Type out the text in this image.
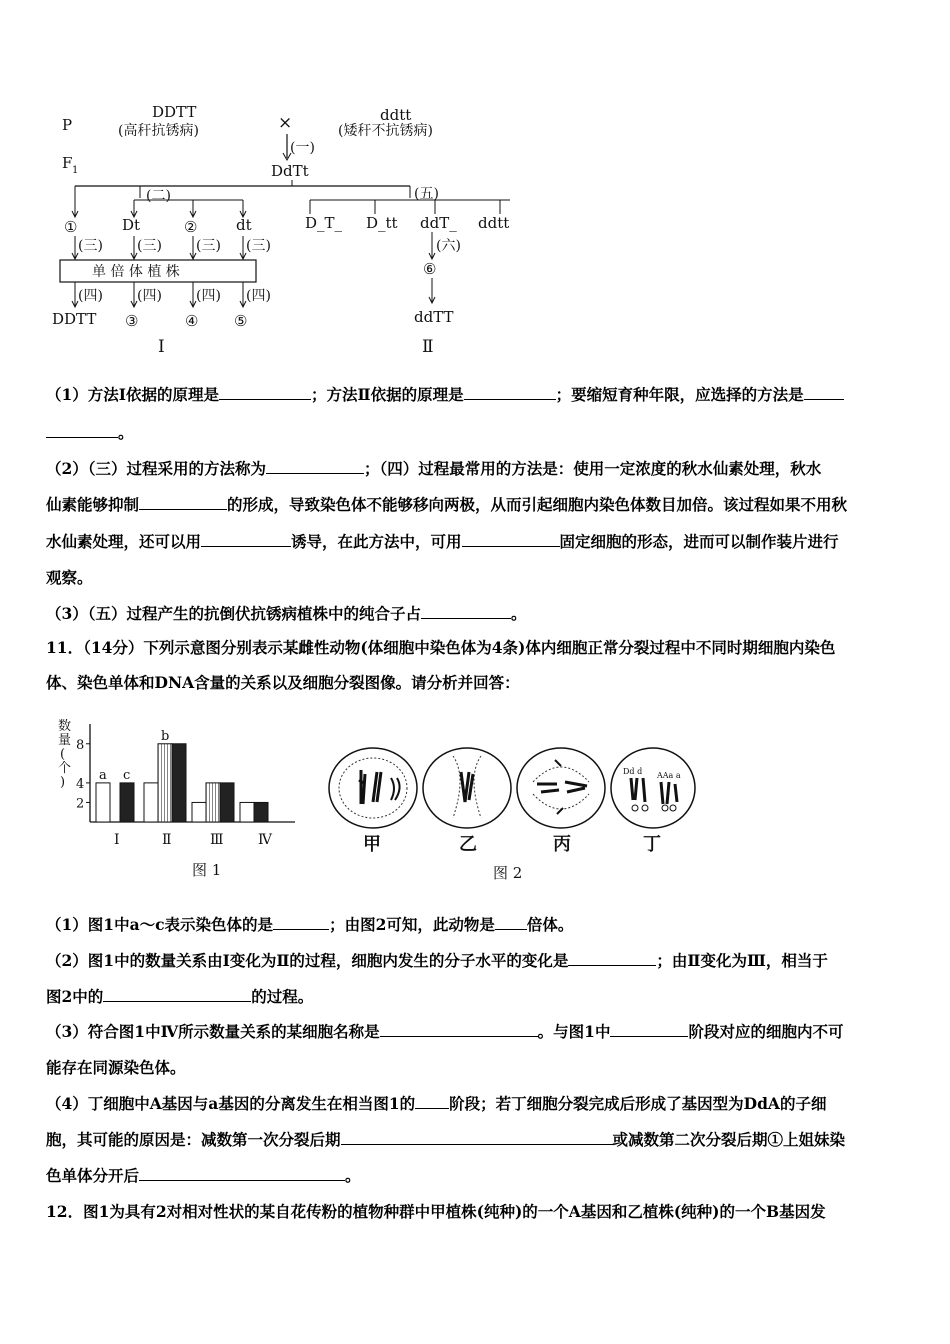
P
F 1
DDTT
(高秆抗锈病)	×	ddtt
(矮秆不抗锈病)
(一)
DdTt
(二)	(五)
①	Dt	②	dt	D_T_ D_tt ddT_ ddtt
(三) (三) (三) (三)
单 倍 体 植 株
(四) (四) (四) (四)
DDTT ③	④ ⑤
(六)
⑥
ddTT
Ⅰ	Ⅱ
（1）方法Ⅰ依据的原理是	；方法Ⅱ依据的原理是	；要缩短育种年限，应选择的方法是
。
（2）（三）过程采用的方法称为	；（四）过程最常用的方法是：使用一定浓度的秋水仙素处理，秋水
仙素能够抑制	的形成，导致染色体不能够移向两极，从而引起细胞内染色体数目加倍。该过程如果不用秋
水仙素处理，还可以用	诱导，在此方法中，可用	固定细胞的形态，进而可以制作装片进行
观察。
（3）（五）过程产生的抗倒伏抗锈病植株中的纯合子占	。
11．（14分）下列示意图分别表示某雌性动物(体细胞中染色体为4条)体内细胞正常分裂过程中不同时期细胞内染色
体、染色单体和DNA含量的关系以及细胞分裂图像。请分析并回答：
数量(个)
2
4
8
a c
Ⅰ
b
Ⅱ	Ⅲ Ⅳ
图 1
Dd d AAa a
甲	乙	丙	丁
图 2
（1）图1中a～c表示染色体的是	；由图2可知，此动物是 倍体。
（2）图1中的数量关系由Ⅰ变化为Ⅱ的过程，细胞内发生的分子水平的变化是	；由Ⅱ变化为Ⅲ，相当于
图2中的	的过程。
（3）符合图1中Ⅳ所示数量关系的某细胞名称是	。与图1中	阶段对应的细胞内不可
能存在同源染色体。
（4）丁细胞中A基因与a基因的分离发生在相当图1的 阶段；若丁细胞分裂完成后形成了基因型为DdA的子细
胞，其可能的原因是：减数第一次分裂后期	或减数第二次分裂后期①上姐妹染
色单体分开后	。
12．图1为具有2对相对性状的某自花传粉的植物种群中甲植株(纯种)的一个A基因和乙植株(纯种)的一个B基因发
